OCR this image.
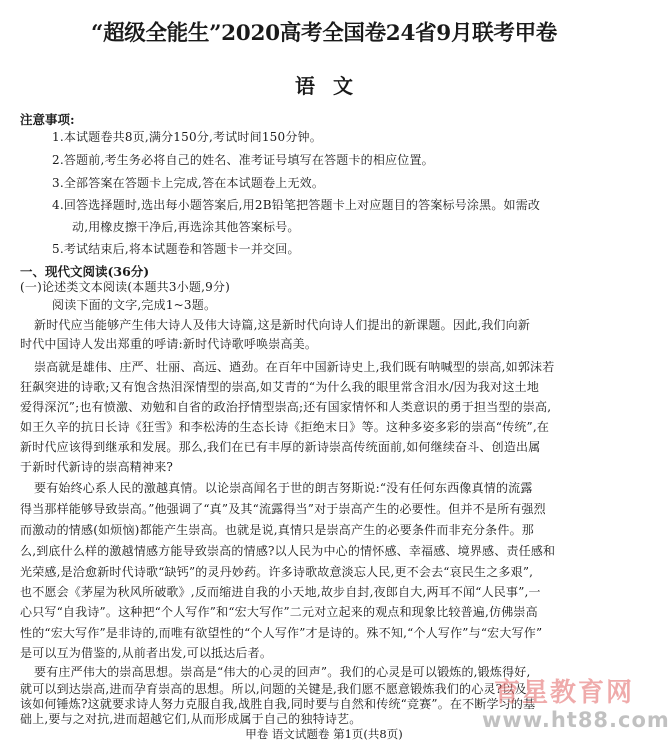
“超级全能生”2020高考全国卷24省9月联考甲卷
语文
注意事项:
1.本试题卷共8页,满分150分,考试时间150分钟。
2.答题前,考生务必将自己的姓名、准考证号填写在答题卡的相应位置。
3.全部答案在答题卡上完成,答在本试题卷上无效。
4.回答选择题时,选出每小题答案后,用2B铅笔把答题卡上对应题目的答案标号涂黑。如需改
动,用橡皮擦干净后,再选涂其他答案标号。
5.考试结束后,将本试题卷和答题卡一并交回。
一、现代文阅读(36分)
(一)论述类文本阅读(本题共3小题,9分)
阅读下面的文字,完成1~3题。
新时代应当能够产生伟大诗人及伟大诗篇,这是新时代向诗人们提出的新课题。因此,我们向新
时代中国诗人发出郑重的呼请:新时代诗歌呼唤崇高美。
崇高就是雄伟、庄严、壮丽、高远、遒劲。在百年中国新诗史上,我们既有呐喊型的崇高,如郭沫若
狂飙突进的诗歌;又有饱含热泪深情型的崇高,如艾青的“为什么我的眼里常含泪水/因为我对这土地
爱得深沉”;也有愤激、劝勉和自省的政治抒情型崇高;还有国家情怀和人类意识的勇于担当型的崇高,
如王久辛的抗日长诗《狂雪》和李松涛的生态长诗《拒绝末日》等。这种多姿多彩的崇高“传统”,在
新时代应该得到继承和发展。那么,我们在已有丰厚的新诗崇高传统面前,如何继续奋斗、创造出属
于新时代新诗的崇高精神来?
要有始终心系人民的激越真情。以论崇高闻名于世的朗吉努斯说:“没有任何东西像真情的流露
得当那样能够导致崇高。”他强调了“真”及其“流露得当”对于崇高产生的必要性。但并不是所有强烈
而激动的情感(如烦恼)都能产生崇高。也就是说,真情只是崇高产生的必要条件而非充分条件。那
么,到底什么样的激越情感方能导致崇高的情感?以人民为中心的情怀感、幸福感、境界感、责任感和
光荣感,是洽愈新时代诗歌“缺钙”的灵丹妙药。许多诗歌故意淡忘人民,更不会去“哀民生之多艰”,
也不愿会《茅屋为秋风所破歌》,反而缩进自我的小天地,故步自封,夜郎自大,两耳不闻“人民事”,一
心只写“自我诗”。这种把“个人写作”和“宏大写作”二元对立起来的观点和现象比较普遍,仿佛崇高
性的“宏大写作”是非诗的,而唯有欲望性的“个人写作”才是诗的。殊不知,“个人写作”与“宏大写作”
是可以互为借鉴的,从前者出发,可以抵达后者。
要有庄严伟大的崇高思想。崇高是“伟大的心灵的回声”。我们的心灵是可以锻炼的,锻炼得好,
就可以到达崇高,进而孕育崇高的思想。所以,问题的关键是,我们愿不愿意锻炼我们的心灵?以及
该如何锤炼?这就要求诗人努力克服自我,战胜自我,同时要与自然和传统“竞赛”。在不断学习的基
础上,要与之对抗,进而超越它们,从而形成属于自己的独特诗艺。
甲卷 语文试题卷 第1页(共8页)
育星教育网
www.ht88.com
